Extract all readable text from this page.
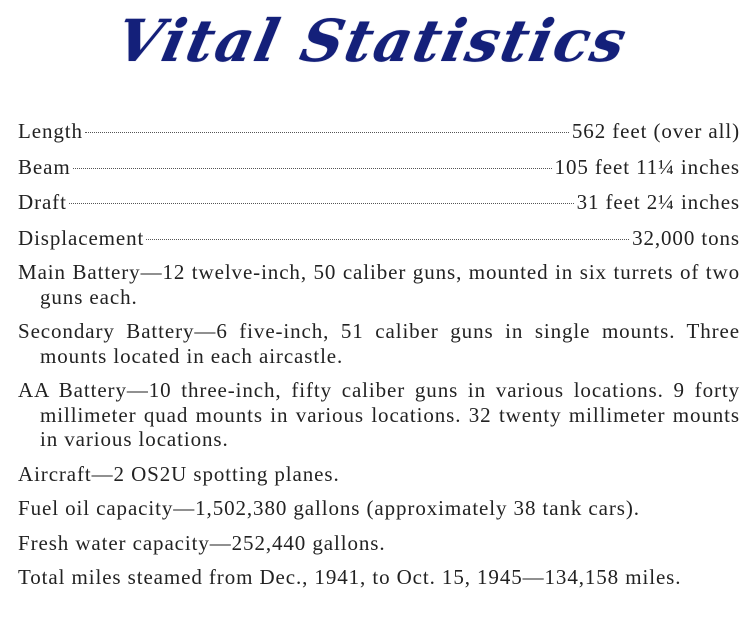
Vital Statistics
Length	562 feet (over all)
Beam	105 feet 11¼ inches
Draft	31 feet 2¼ inches
Displacement	32,000 tons

Main Battery—12 twelve-inch, 50 caliber guns, mounted in six turrets of two guns each.

Secondary Battery—6 five-inch, 51 caliber guns in single mounts. Three mounts located in each aircastle.

AA Battery—10 three-inch, fifty caliber guns in various locations. 9 forty millimeter quad mounts in various locations. 32 twenty millimeter mounts in various locations.

Aircraft—2 OS2U spotting planes.

Fuel oil capacity—1,502,380 gallons (approximately 38 tank cars).

Fresh water capacity—252,440 gallons.

Total miles steamed from Dec., 1941, to Oct. 15, 1945—134,158 miles.
